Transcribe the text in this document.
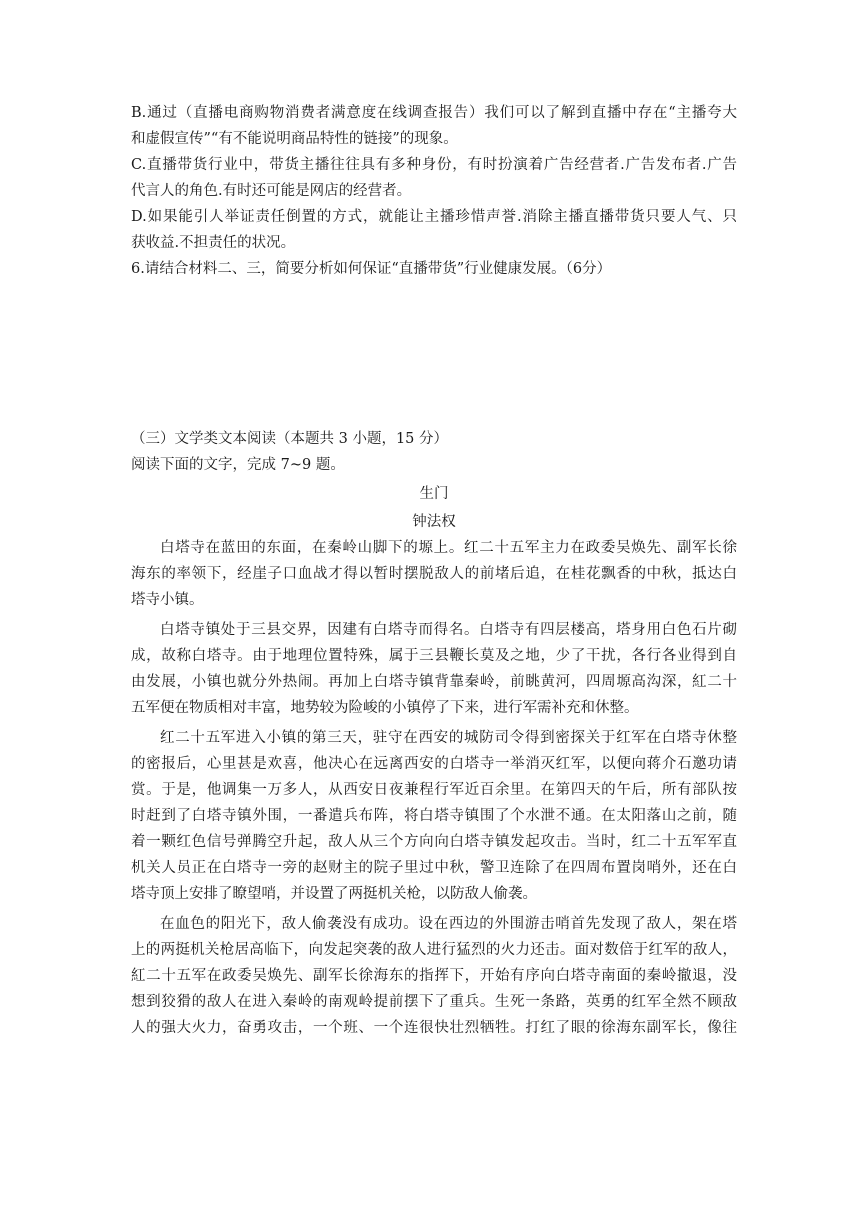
B.通过（直播电商购物消费者满意度在线调查报告）我们可以了解到直播中存在“主播夸大

和虚假宣传”“有不能说明商品特性的链接”的现象。

C.直播带货行业中，带货主播往往具有多种身份，有时扮演着广告经营者.广告发布者.广告

代言人的角色.有时还可能是网店的经营者。

D.如果能引人举证责任倒置的方式，就能让主播珍惜声誉.消除主播直播带货只要人气、只

获收益.不担责任的状况。

6.请结合材料二、三，简要分析如何保证“直播带货”行业健康发展。（6分）

（三）文学类文本阅读（本题共 3 小题，15 分）

阅读下面的文字，完成 7~9 题。

生门

钟法权

白塔寺在蓝田的东面，在秦岭山脚下的塬上。红二十五军主力在政委吴焕先、副军长徐

海东的率领下，经崖子口血战才得以暂时摆脱敌人的前堵后追，在桂花飘香的中秋，抵达白

塔寺小镇。

白塔寺镇处于三县交界，因建有白塔寺而得名。白塔寺有四层楼高，塔身用白色石片砌

成，故称白塔寺。由于地理位置特殊，属于三县鞭长莫及之地，少了干扰，各行各业得到自

由发展，小镇也就分外热闹。再加上白塔寺镇背靠秦岭，前眺黄河，四周塬高沟深，紅二十

五军便在物质相对丰富，地势较为险峻的小镇停了下来，进行军需补充和休整。

红二十五军进入小镇的第三天，驻守在西安的城防司令得到密探关于红军在白塔寺休整

的密报后，心里甚是欢喜，他决心在远离西安的白塔寺一举消灭红军，以便向蒋介石邀功请

赏。于是，他调集一万多人，从西安日夜兼程行军近百余里。在第四天的午后，所有部队按

时赶到了白塔寺镇外围，一番遣兵布阵，将白塔寺镇围了个水泄不通。在太阳落山之前，随

着一颗红色信号弹腾空升起，敌人从三个方向向白塔寺镇发起攻击。当时，红二十五军军直

机关人员正在白塔寺一旁的赵财主的院子里过中秋，警卫连除了在四周布置岗哨外，还在白

塔寺顶上安排了瞭望哨，并设置了两挺机关枪，以防敌人偷袭。

在血色的阳光下，敌人偷袭没有成功。设在西边的外围游击哨首先发现了敌人，架在塔

上的两挺机关枪居高临下，向发起突袭的敌人进行猛烈的火力还击。面对数倍于红军的敌人，

紅二十五军在政委吴焕先、副军长徐海东的指挥下，开始有序向白塔寺南面的秦岭撤退，没

想到狡猾的敌人在进入秦岭的南观岭提前摆下了重兵。生死一条路，英勇的红军全然不顾敌

人的强大火力，奋勇攻击，一个班、一个连很快壮烈牺牲。打红了眼的徐海东副军长，像往
